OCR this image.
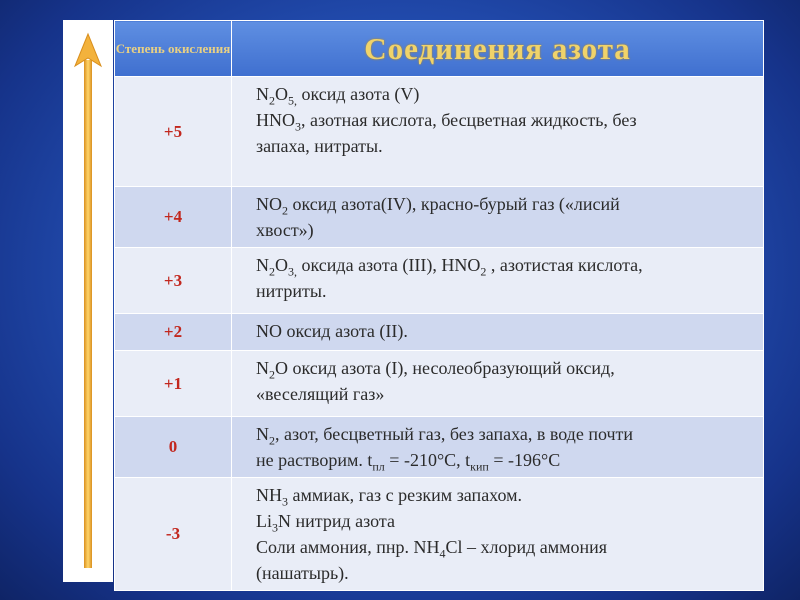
Степень окисления	Соединения азота
+5	$N_2O_{5,}$ оксид азота (V)
$HNO_3$, азотная кислота, бесцветная жидкость, без
запаха, нитраты.

+4	$NO_2$ оксид азота(IV), красно-бурый газ («лисий
хвост»)

+3	$N_2O_{3,}$ оксида азота (III), $HNO_2$ , азотистая кислота,
нитриты.

+2	NO оксид азота (II).

+1	$N_2O$ оксид азота (I), несолеобразующий оксид,
«веселящий газ»

0	$N_2$, азот, бесцветный газ, без запаха, в воде почти
не растворим. $t_{пл} = -210^\circ C$, $t_{кип} = -196^\circ C$

-3	$NH_3$ аммиак, газ с резким запахом.
$Li_3N$ нитрид азота
Соли аммония, пнр. $NH_4Cl$ – хлорид аммония
(нашатырь).
